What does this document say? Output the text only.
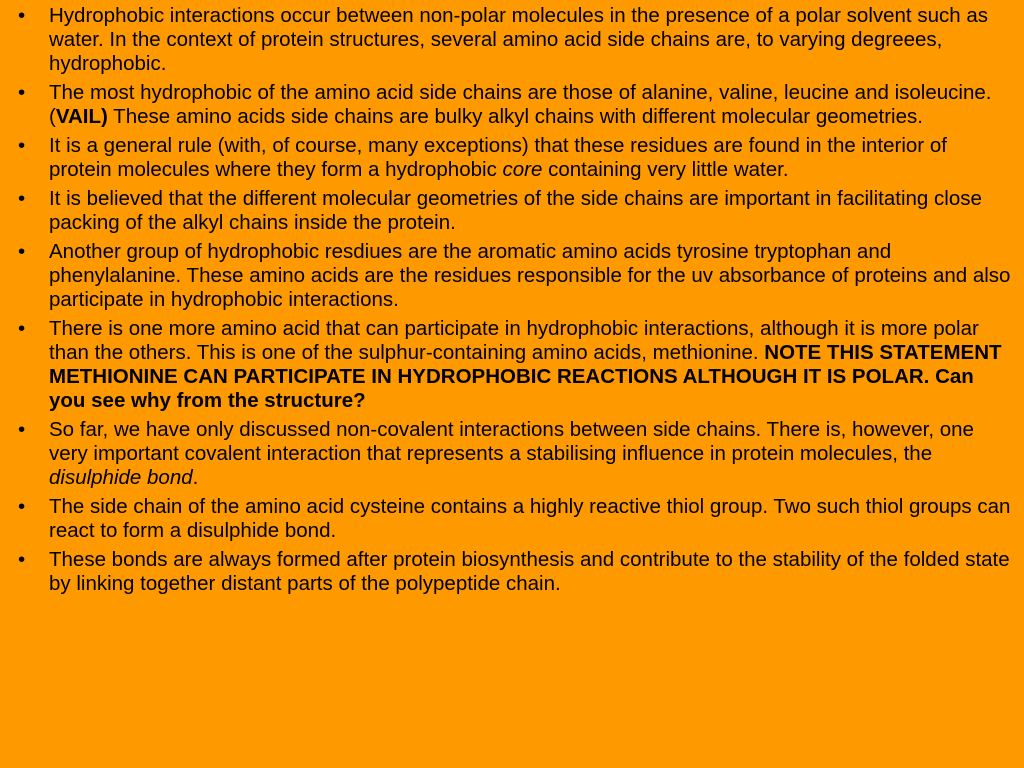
•	Hydrophobic interactions occur between non-polar molecules in the presence of a polar solvent such as water. In the context of protein structures, several amino acid side chains are, to varying degreees, hydrophobic.
•	The most hydrophobic of the amino acid side chains are those of alanine, valine, leucine and isoleucine.(VAIL) These amino acids side chains are bulky alkyl chains with different molecular geometries.
•	It is a general rule (with, of course, many exceptions) that these residues are found in the interior of protein molecules where they form a hydrophobic core containing very little water.
•	It is believed that the different molecular geometries of the side chains are important in facilitating close packing of the alkyl chains inside the protein.
•	Another group of hydrophobic resdiues are the aromatic amino acids tyrosine tryptophan and phenylalanine. These amino acids are the residues responsible for the uv absorbance of proteins and also participate in hydrophobic interactions.
•	There is one more amino acid that can participate in hydrophobic interactions, although it is more polar than the others. This is one of the sulphur-containing amino acids, methionine. NOTE THIS STATEMENT METHIONINE CAN PARTICIPATE IN HYDROPHOBIC REACTIONS ALTHOUGH IT IS POLAR. Can you see why from the structure?
•	So far, we have only discussed non-covalent interactions between side chains. There is, however, one very important covalent interaction that represents a stabilising influence in protein molecules, the disulphide bond.
•	The side chain of the amino acid cysteine contains a highly reactive thiol group. Two such thiol groups can react to form a disulphide bond.
•	These bonds are always formed after protein biosynthesis and contribute to the stability of the folded state by linking together distant parts of the polypeptide chain.
